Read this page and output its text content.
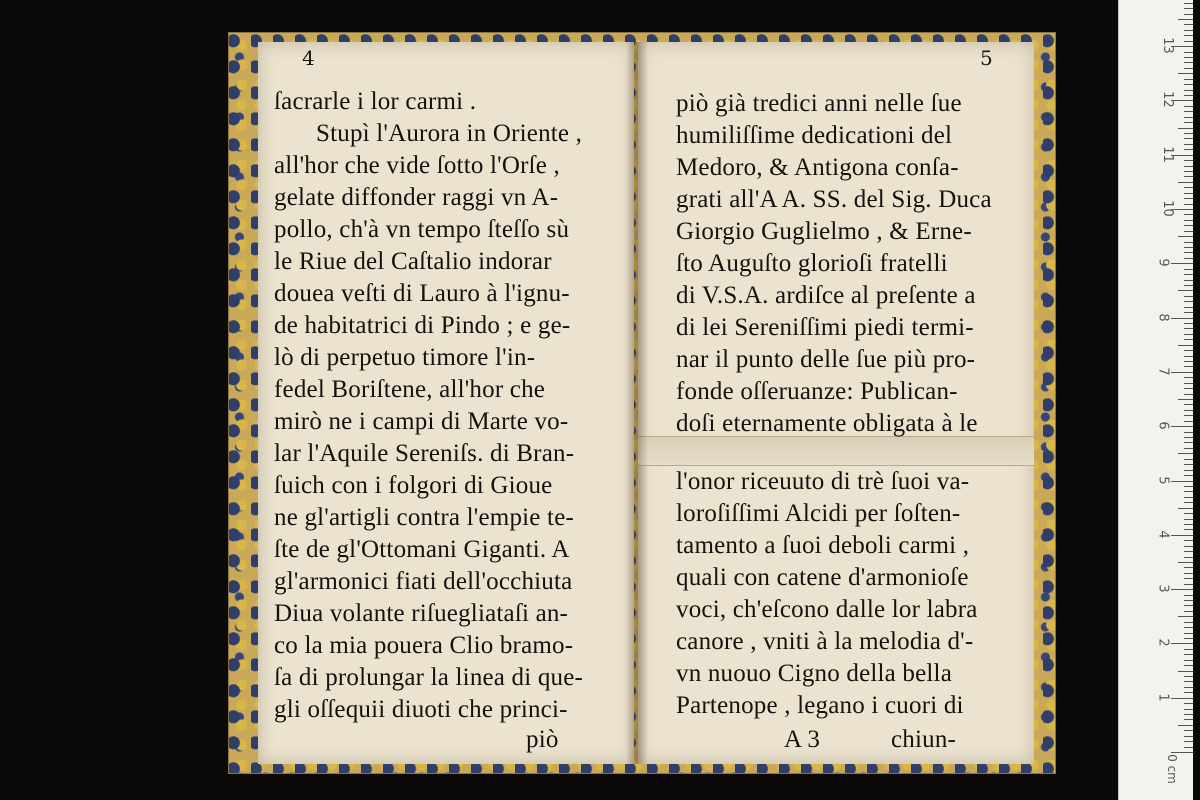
4
ſacrarle i lor carmi .
Stupì l'Aurora in Oriente ,
all'hor che vide ſotto l'Orſe ,
gelate diffonder raggi vn A-
pollo, ch'à vn tempo ſteſſo sù
le Riue del Caſtalio indorar
douea veſti di Lauro à l'ignu-
de habitatrici di Pindo ; e ge-
lò di perpetuo timore l'in-
fedel Boriſtene, all'hor che
mirò ne i campi di Marte vo-
lar l'Aquile Sereniſs. di Bran-
ſuich con i folgori di Gioue
ne gl'artigli contra l'empie te-
ſte de gl'Ottomani Giganti. A
gl'armonici fiati dell'occhiuta
Diua volante riſuegliataſi an-
co la mia pouera Clio bramo-
ſa di prolungar la linea di que-
gli oſſequii diuoti che princi-
piò
5
piò già tredici anni nelle ſue
humiliſſime dedicationi del
Medoro, & Antigona conſa-
grati all'A A. SS. del Sig. Duca
Giorgio Guglielmo , & Erne-
ſto Auguſto glorioſi fratelli
di V.S.A. ardiſce al preſente a
di lei Sereniſſimi piedi termi-
nar il punto delle ſue più pro-
fonde oſſeruanze: Publican-
doſi eternamente obligata à le
l'onor riceuuto di trè ſuoi va-
loroſiſſimi Alcidi per ſoſten-
tamento a ſuoi deboli carmi ,
quali con catene d'armonioſe
voci, ch'eſcono dalle lor labra
canore , vniti à la melodia d'-
vn nuouo Cigno della bella
Partenope , legano i cuori di
A 3           chiun-
0 cm
1
2
3
4
5
6
7
8
9
10
11
12
13
